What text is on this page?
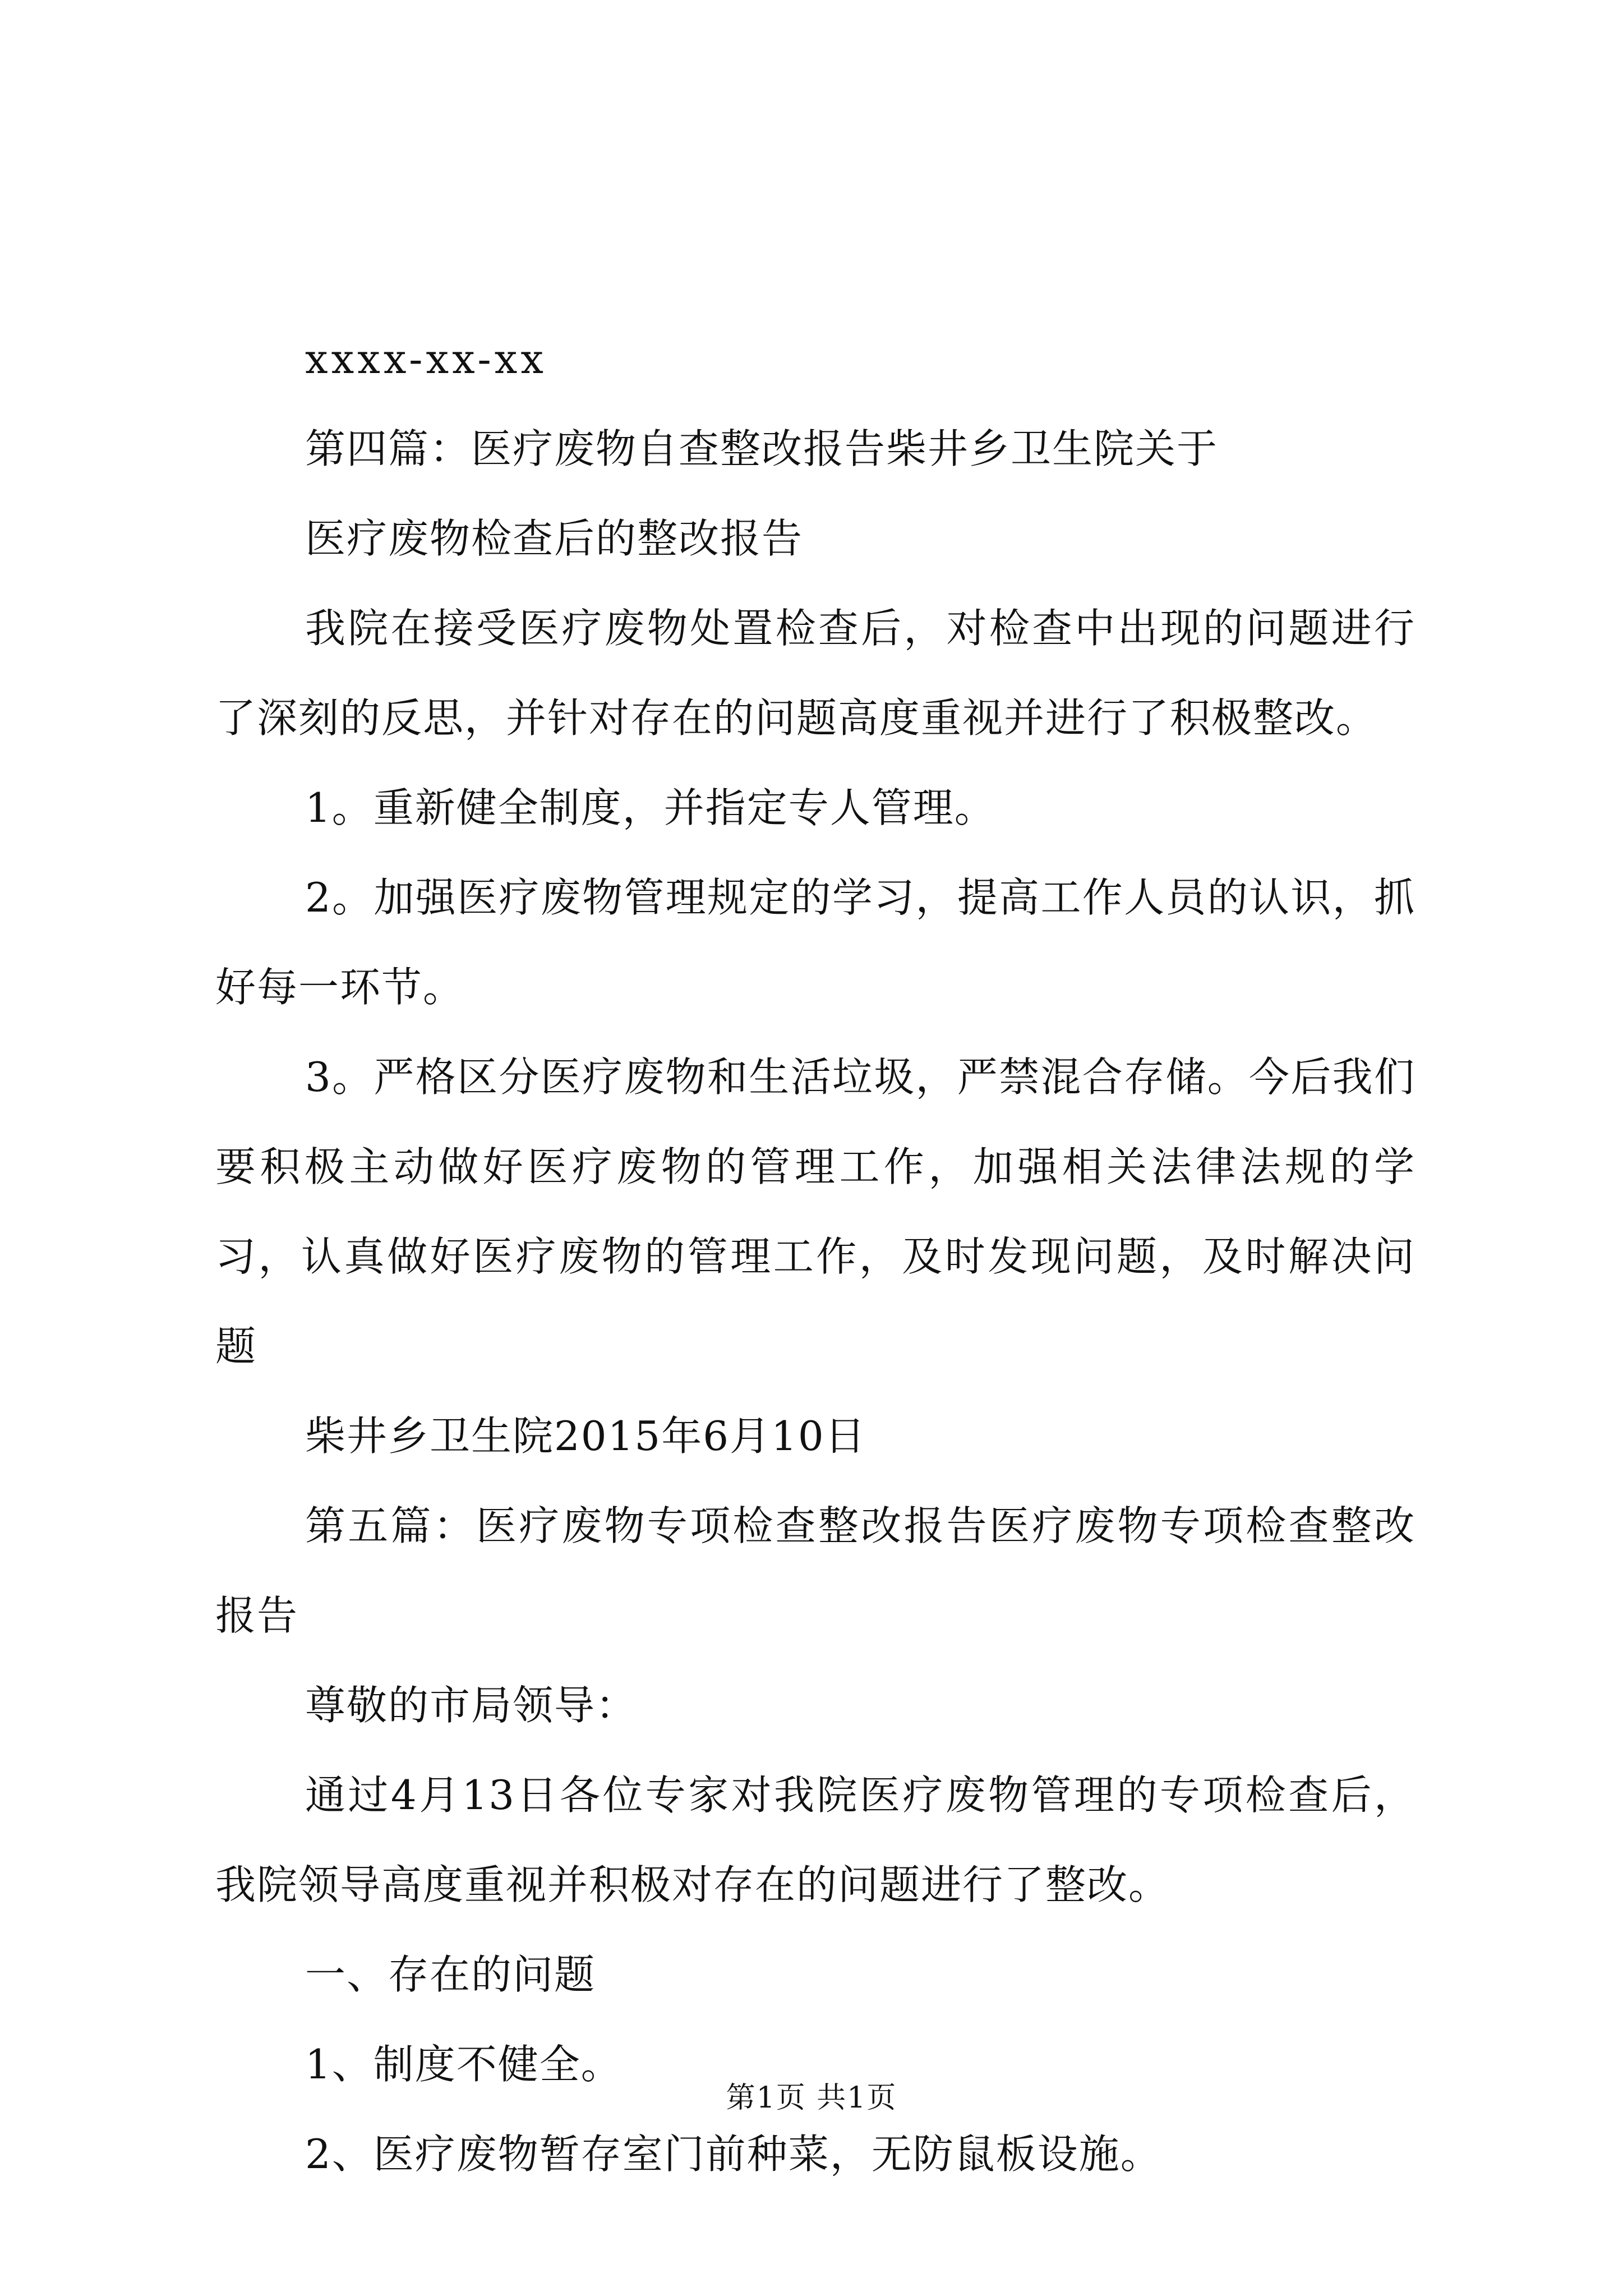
xxxx-xx-xx

第四篇：医疗废物自查整改报告柴井乡卫生院关于

医疗废物检查后的整改报告

我院在接受医疗废物处置检查后，对检查中出现的问题进行了深刻的反思，并针对存在的问题高度重视并进行了积极整改。

1。重新健全制度，并指定专人管理。

2。加强医疗废物管理规定的学习，提高工作人员的认识，抓好每一环节。

3。严格区分医疗废物和生活垃圾，严禁混合存储。今后我们要积极主动做好医疗废物的管理工作，加强相关法律法规的学习，认真做好医疗废物的管理工作，及时发现问题，及时解决问题

柴井乡卫生院2015年6月10日

第五篇：医疗废物专项检查整改报告医疗废物专项检查整改报告

尊敬的市局领导：

通过4月13日各位专家对我院医疗废物管理的专项检查后，我院领导高度重视并积极对存在的问题进行了整改。

一、存在的问题

1、制度不健全。

2、医疗废物暂存室门前种菜，无防鼠板设施。

第1页 共1页
